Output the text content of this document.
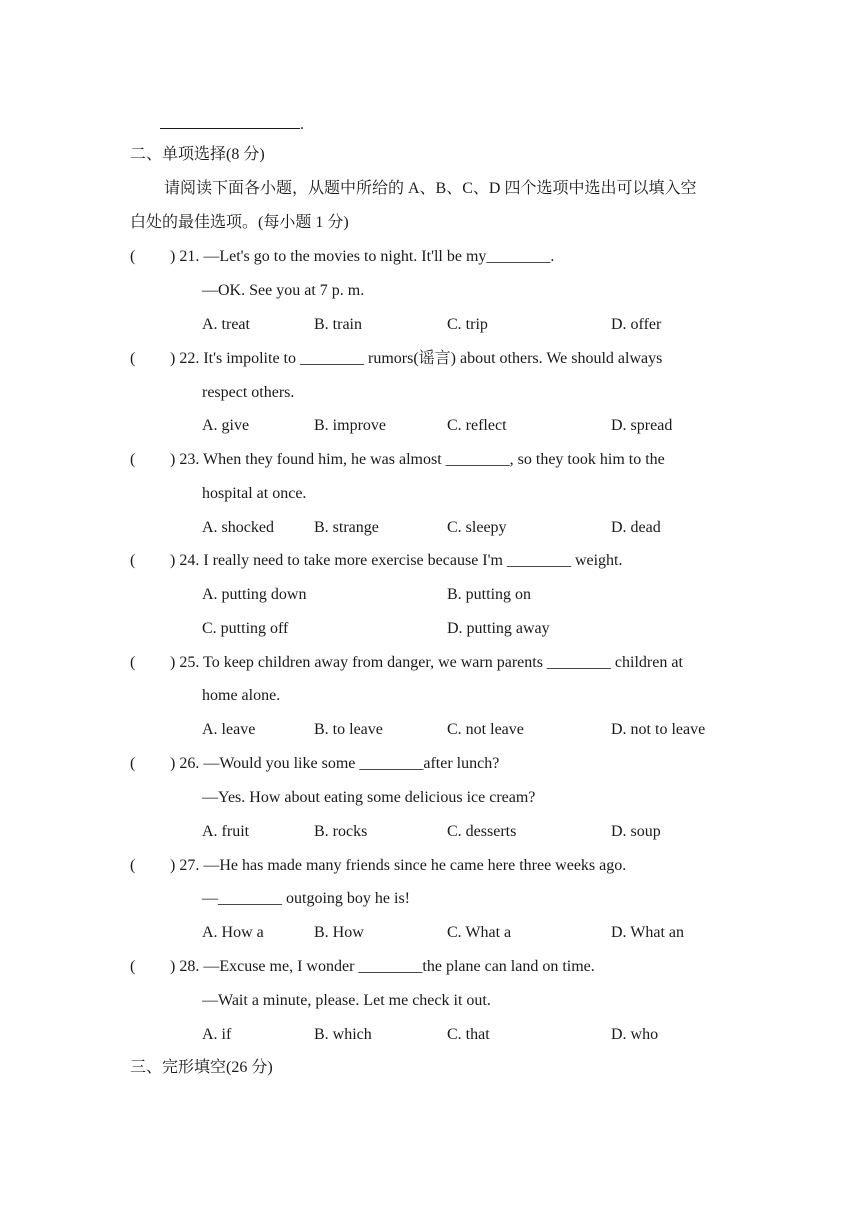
.
二、单项选择(8 分)
请阅读下面各小题，从题中所给的 A、B、C、D 四个选项中选出可以填入空
白处的最佳选项。(每小题 1 分)
( ) 21. —Let's go to the movies to night. It'll be my________.
—OK. See you at 7 p. m.
A. treat	B. train	C. trip	D. offer
( ) 22. It's impolite to ________ rumors(谣言) about others. We should always
respect others.
A. give	B. improve	C. reflect	D. spread
( ) 23. When they found him, he was almost ________, so they took him to the
hospital at once.
A. shocked	B. strange	C. sleepy	D. dead
( ) 24. I really need to take more exercise because I'm ________ weight.
A. putting down	B. putting on
C. putting off	D. putting away
( ) 25. To keep children away from danger, we warn parents ________ children at
home alone.
A. leave	B. to leave	C. not leave	D. not to leave
( ) 26. —Would you like some ________after lunch?
—Yes. How about eating some delicious ice cream?
A. fruit	B. rocks	C. desserts	D. soup
( ) 27. —He has made many friends since he came here three weeks ago.
—________ outgoing boy he is!
A. How a	B. How	C. What a	D. What an
( ) 28. —Excuse me, I wonder ________the plane can land on time.
—Wait a minute, please. Let me check it out.
A. if	B. which	C. that	D. who
三、完形填空(26 分)
